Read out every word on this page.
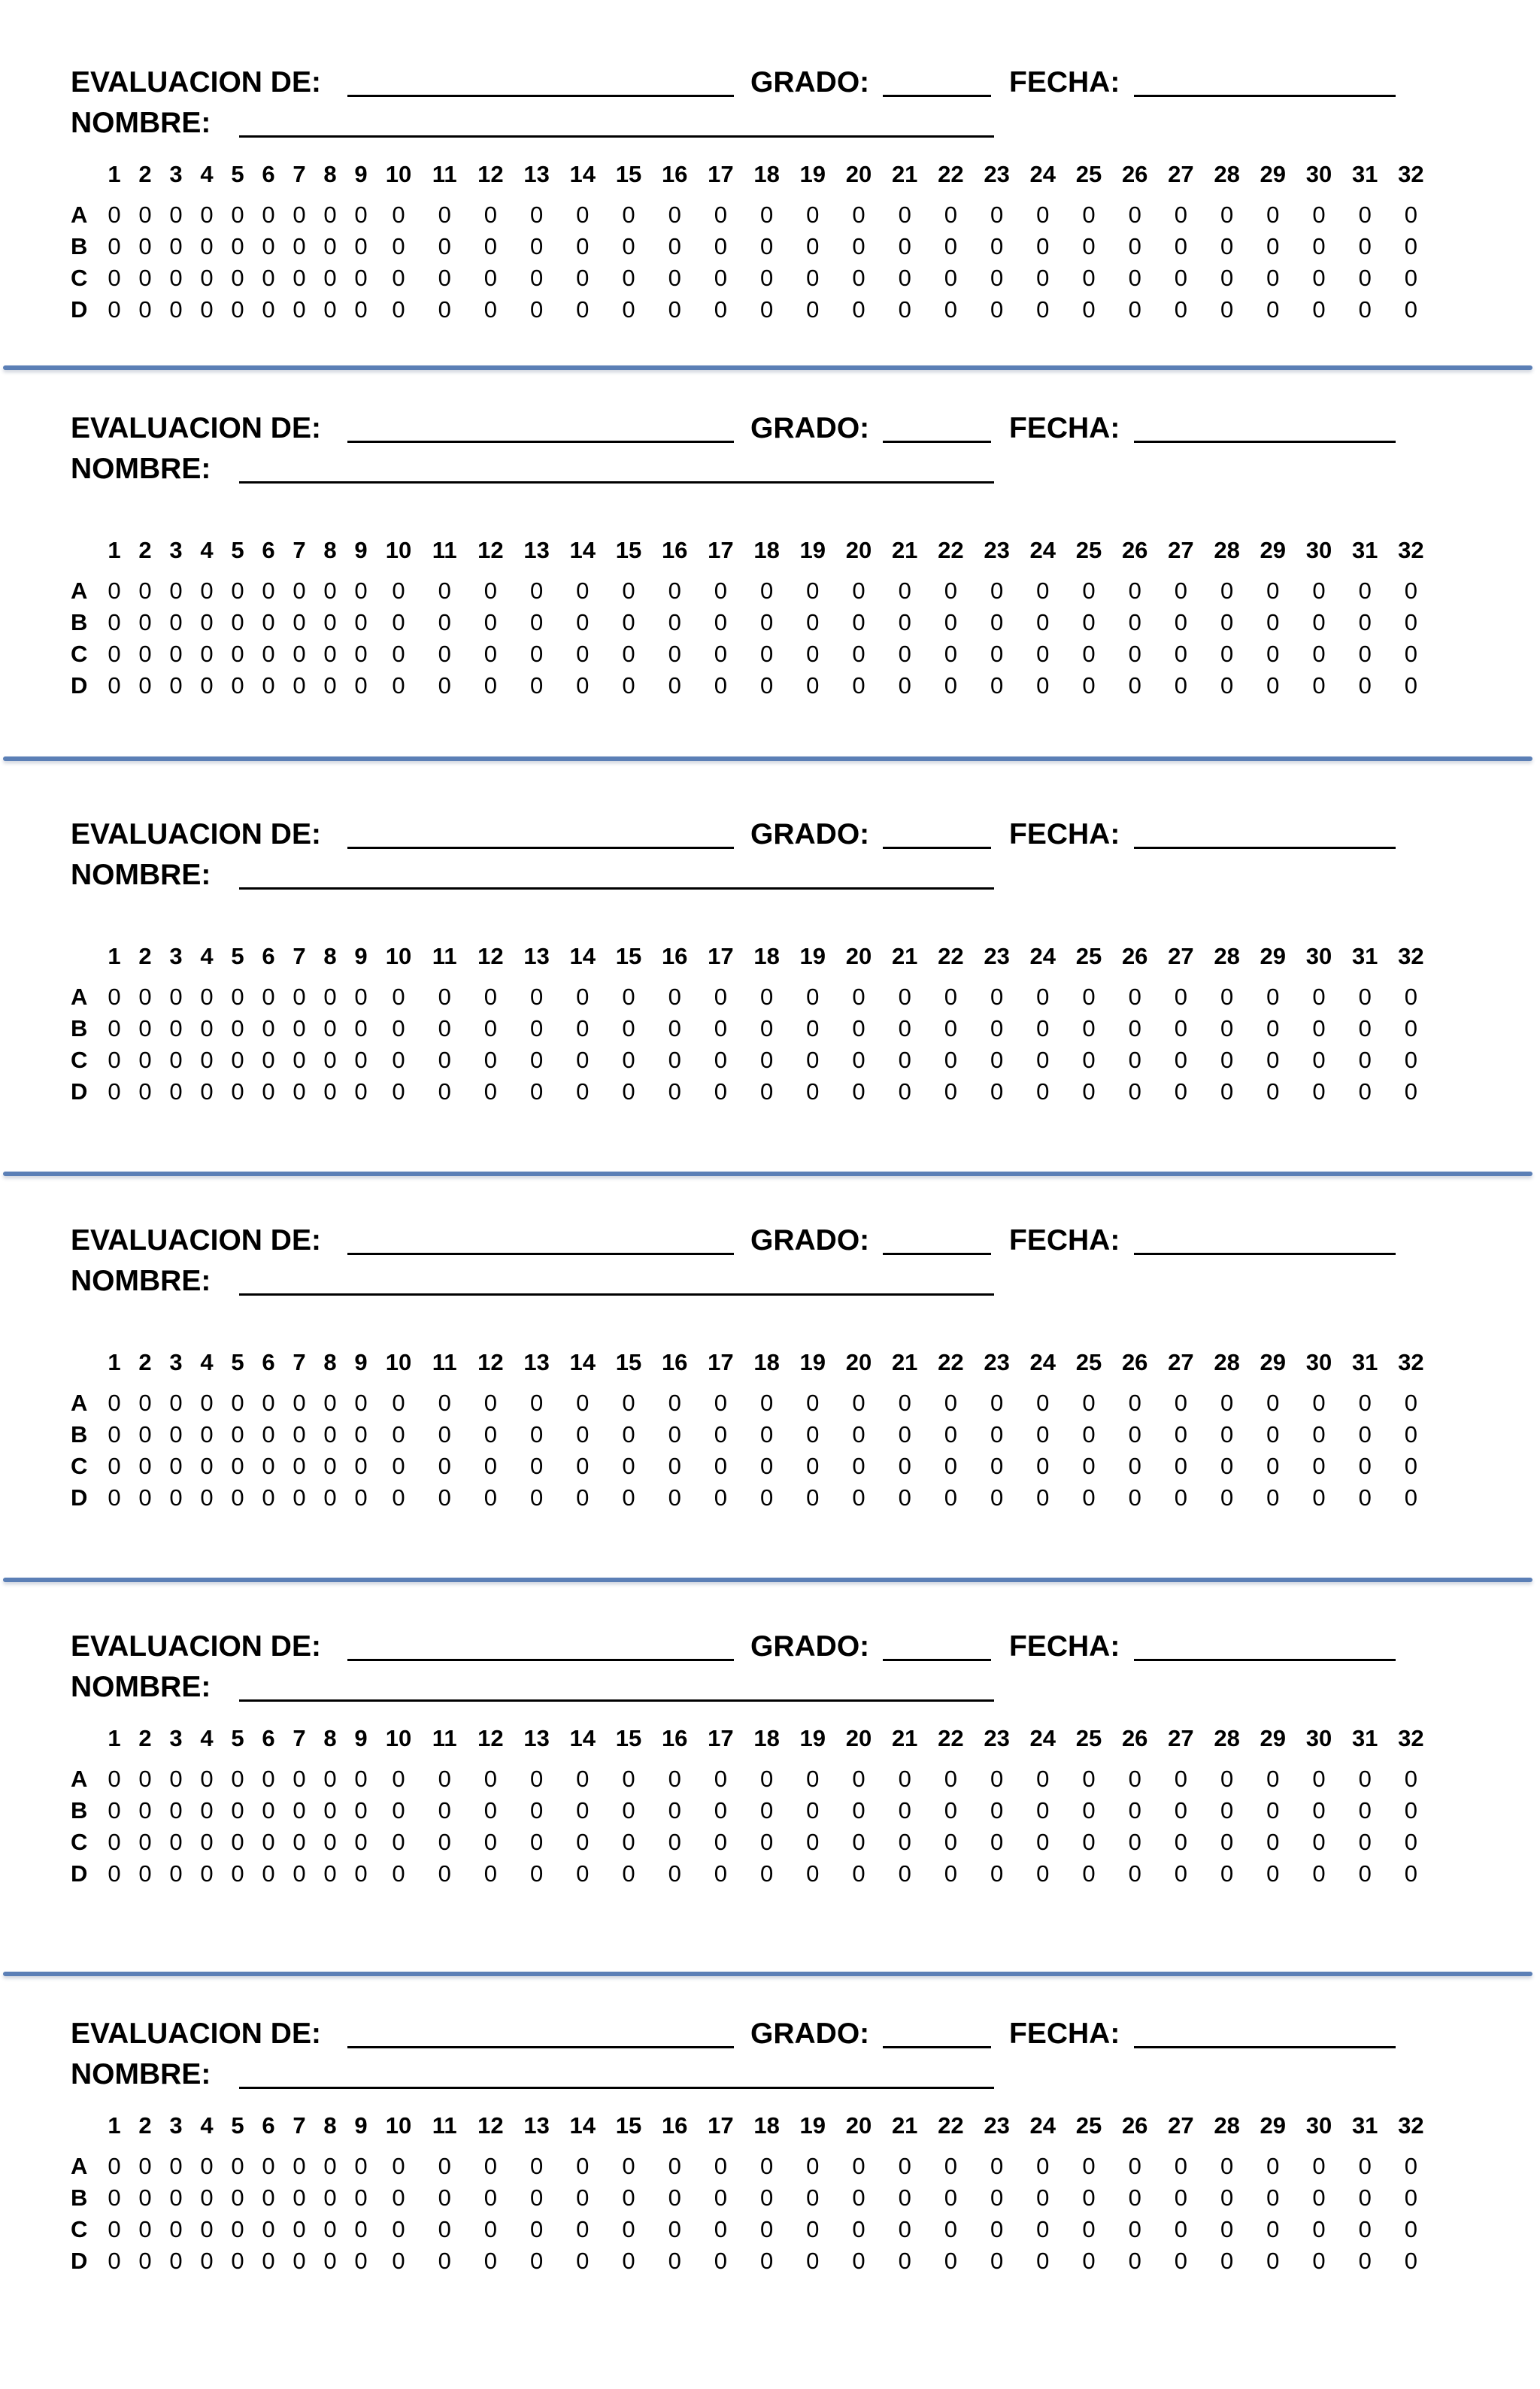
EVALUACION DE:	GRADO:	FECHA:
NOMBRE:
1 2 3 4 5 6 7 8 9 10 11 12 13 14 15 16 17 18 19 20 21 22 23 24 25 26 27 28 29 30 31 32
A 0 0 0 0 0 0 0 0 0	0	0	0	0	0	0	0	0	0	0	0	0	0	0	0	0	0	0	0	0	0	0	0
B 0 0 0 0 0 0 0 0 0	0	0	0	0	0	0	0	0	0	0	0	0	0	0	0	0	0	0	0	0	0	0	0
C 0 0 0 0 0 0 0 0 0	0	0	0	0	0	0	0	0	0	0	0	0	0	0	0	0	0	0	0	0	0	0	0
D 0 0 0 0 0 0 0 0 0	0	0	0	0	0	0	0	0	0	0	0	0	0	0	0	0	0	0	0	0	0	0	0
EVALUACION DE:	GRADO:	FECHA:
NOMBRE:
1 2 3 4 5 6 7 8 9 10 11 12 13 14 15 16 17 18 19 20 21 22 23 24 25 26 27 28 29 30 31 32
A 0 0 0 0 0 0 0 0 0	0	0	0	0	0	0	0	0	0	0	0	0	0	0	0	0	0	0	0	0	0	0	0
B 0 0 0 0 0 0 0 0 0	0	0	0	0	0	0	0	0	0	0	0	0	0	0	0	0	0	0	0	0	0	0	0
C 0 0 0 0 0 0 0 0 0	0	0	0	0	0	0	0	0	0	0	0	0	0	0	0	0	0	0	0	0	0	0	0
D 0 0 0 0 0 0 0 0 0	0	0	0	0	0	0	0	0	0	0	0	0	0	0	0	0	0	0	0	0	0	0	0
EVALUACION DE:	GRADO:	FECHA:
NOMBRE:
1 2 3 4 5 6 7 8 9 10 11 12 13 14 15 16 17 18 19 20 21 22 23 24 25 26 27 28 29 30 31 32
A 0 0 0 0 0 0 0 0 0	0	0	0	0	0	0	0	0	0	0	0	0	0	0	0	0	0	0	0	0	0	0	0
B 0 0 0 0 0 0 0 0 0	0	0	0	0	0	0	0	0	0	0	0	0	0	0	0	0	0	0	0	0	0	0	0
C 0 0 0 0 0 0 0 0 0	0	0	0	0	0	0	0	0	0	0	0	0	0	0	0	0	0	0	0	0	0	0	0
D 0 0 0 0 0 0 0 0 0	0	0	0	0	0	0	0	0	0	0	0	0	0	0	0	0	0	0	0	0	0	0	0
EVALUACION DE:	GRADO:	FECHA:
NOMBRE:
1 2 3 4 5 6 7 8 9 10 11 12 13 14 15 16 17 18 19 20 21 22 23 24 25 26 27 28 29 30 31 32
A 0 0 0 0 0 0 0 0 0	0	0	0	0	0	0	0	0	0	0	0	0	0	0	0	0	0	0	0	0	0	0	0
B 0 0 0 0 0 0 0 0 0	0	0	0	0	0	0	0	0	0	0	0	0	0	0	0	0	0	0	0	0	0	0	0
C 0 0 0 0 0 0 0 0 0	0	0	0	0	0	0	0	0	0	0	0	0	0	0	0	0	0	0	0	0	0	0	0
D 0 0 0 0 0 0 0 0 0	0	0	0	0	0	0	0	0	0	0	0	0	0	0	0	0	0	0	0	0	0	0	0
EVALUACION DE:	GRADO:	FECHA:
NOMBRE:
1 2 3 4 5 6 7 8 9 10 11 12 13 14 15 16 17 18 19 20 21 22 23 24 25 26 27 28 29 30 31 32
A 0 0 0 0 0 0 0 0 0	0	0	0	0	0	0	0	0	0	0	0	0	0	0	0	0	0	0	0	0	0	0	0
B 0 0 0 0 0 0 0 0 0	0	0	0	0	0	0	0	0	0	0	0	0	0	0	0	0	0	0	0	0	0	0	0
C 0 0 0 0 0 0 0 0 0	0	0	0	0	0	0	0	0	0	0	0	0	0	0	0	0	0	0	0	0	0	0	0
D 0 0 0 0 0 0 0 0 0	0	0	0	0	0	0	0	0	0	0	0	0	0	0	0	0	0	0	0	0	0	0	0
EVALUACION DE:	GRADO:	FECHA:
NOMBRE:
1 2 3 4 5 6 7 8 9 10 11 12 13 14 15 16 17 18 19 20 21 22 23 24 25 26 27 28 29 30 31 32
A 0 0 0 0 0 0 0 0 0	0	0	0	0	0	0	0	0	0	0	0	0	0	0	0	0	0	0	0	0	0	0	0
B 0 0 0 0 0 0 0 0 0	0	0	0	0	0	0	0	0	0	0	0	0	0	0	0	0	0	0	0	0	0	0	0
C 0 0 0 0 0 0 0 0 0	0	0	0	0	0	0	0	0	0	0	0	0	0	0	0	0	0	0	0	0	0	0	0
D 0 0 0 0 0 0 0 0 0	0	0	0	0	0	0	0	0	0	0	0	0	0	0	0	0	0	0	0	0	0	0	0
